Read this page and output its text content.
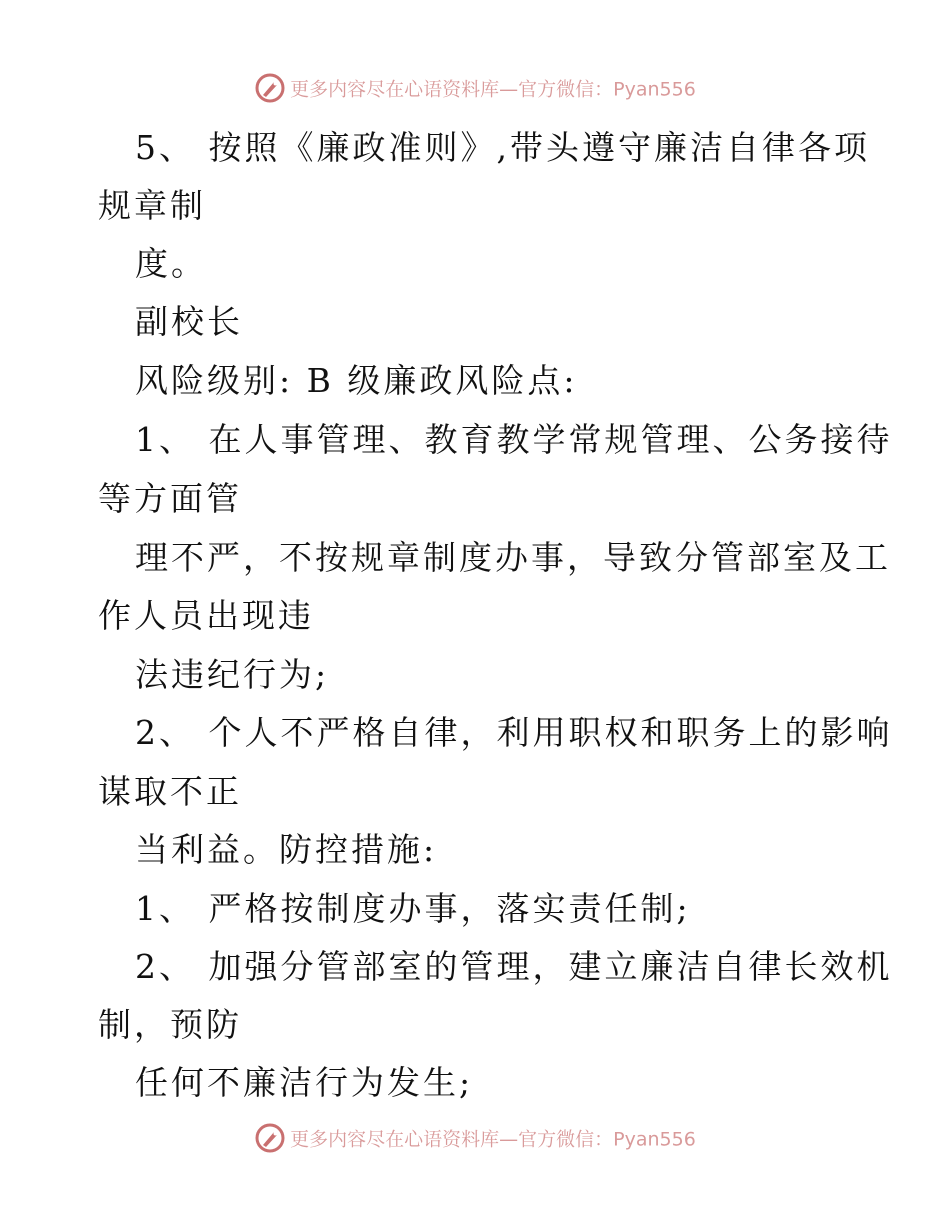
更多内容尽在心语资料库—官方微信：Pyan556
5、 按照《廉政准则》,带头遵守廉洁自律各项
规章制
度。
副校长
风险级别: B 级廉政风险点:
1、 在人事管理、教育教学常规管理、公务接待
等方面管
理不严，不按规章制度办事，导致分管部室及工
作人员出现违
法违纪行为;
2、 个人不严格自律，利用职权和职务上的影响
谋取不正
当利益。防控措施:
1、 严格按制度办事，落实责任制;
2、 加强分管部室的管理，建立廉洁自律长效机
制，预防
任何不廉洁行为发生;
更多内容尽在心语资料库—官方微信：Pyan556
